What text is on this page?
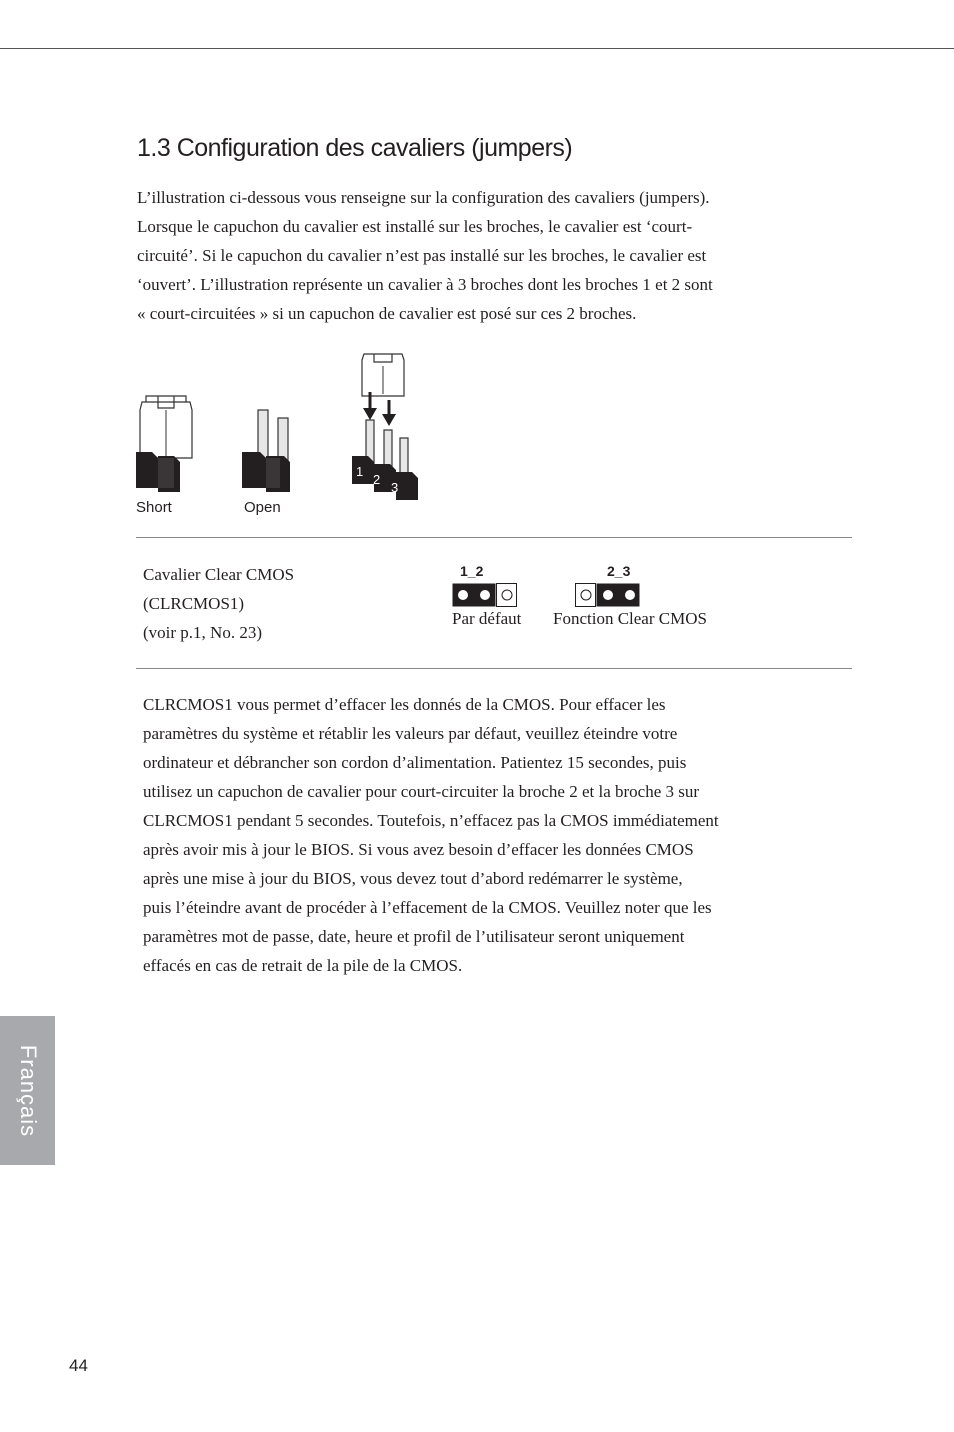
1.3 Configuration des cavaliers (jumpers)
L’illustration ci-dessous vous renseigne sur la configuration des cavaliers (jumpers).
Lorsque le capuchon du cavalier est installé sur les broches, le cavalier est ‘court-
circuité’. Si le capuchon du cavalier n’est pas installé sur les broches, le cavalier est
‘ouvert’. L’illustration représente un cavalier à 3 broches dont les broches 1 et 2 sont
« court-circuitées » si un capuchon de cavalier est posé sur ces 2 broches.
Short	Open
1
2
3
Cavalier Clear CMOS
(CLRCMOS1)
(voir p.1, No. 23)
1_2
Par défaut
2_3
Fonction Clear CMOS
CLRCMOS1 vous permet d’effacer les donnés de la CMOS. Pour effacer les
paramètres du système et rétablir les valeurs par défaut, veuillez éteindre votre
ordinateur et débrancher son cordon d’alimentation. Patientez 15 secondes, puis
utilisez un capuchon de cavalier pour court-circuiter la broche 2 et la broche 3 sur
CLRCMOS1 pendant 5 secondes. Toutefois, n’effacez pas la CMOS immédiatement
après avoir mis à jour le BIOS. Si vous avez besoin d’effacer les données CMOS
après une mise à jour du BIOS, vous devez tout d’abord redémarrer le système,
puis l’éteindre avant de procéder à l’effacement de la CMOS. Veuillez noter que les
paramètres mot de passe, date, heure et profil de l’utilisateur seront uniquement
effacés en cas de retrait de la pile de la CMOS.
Français
44
